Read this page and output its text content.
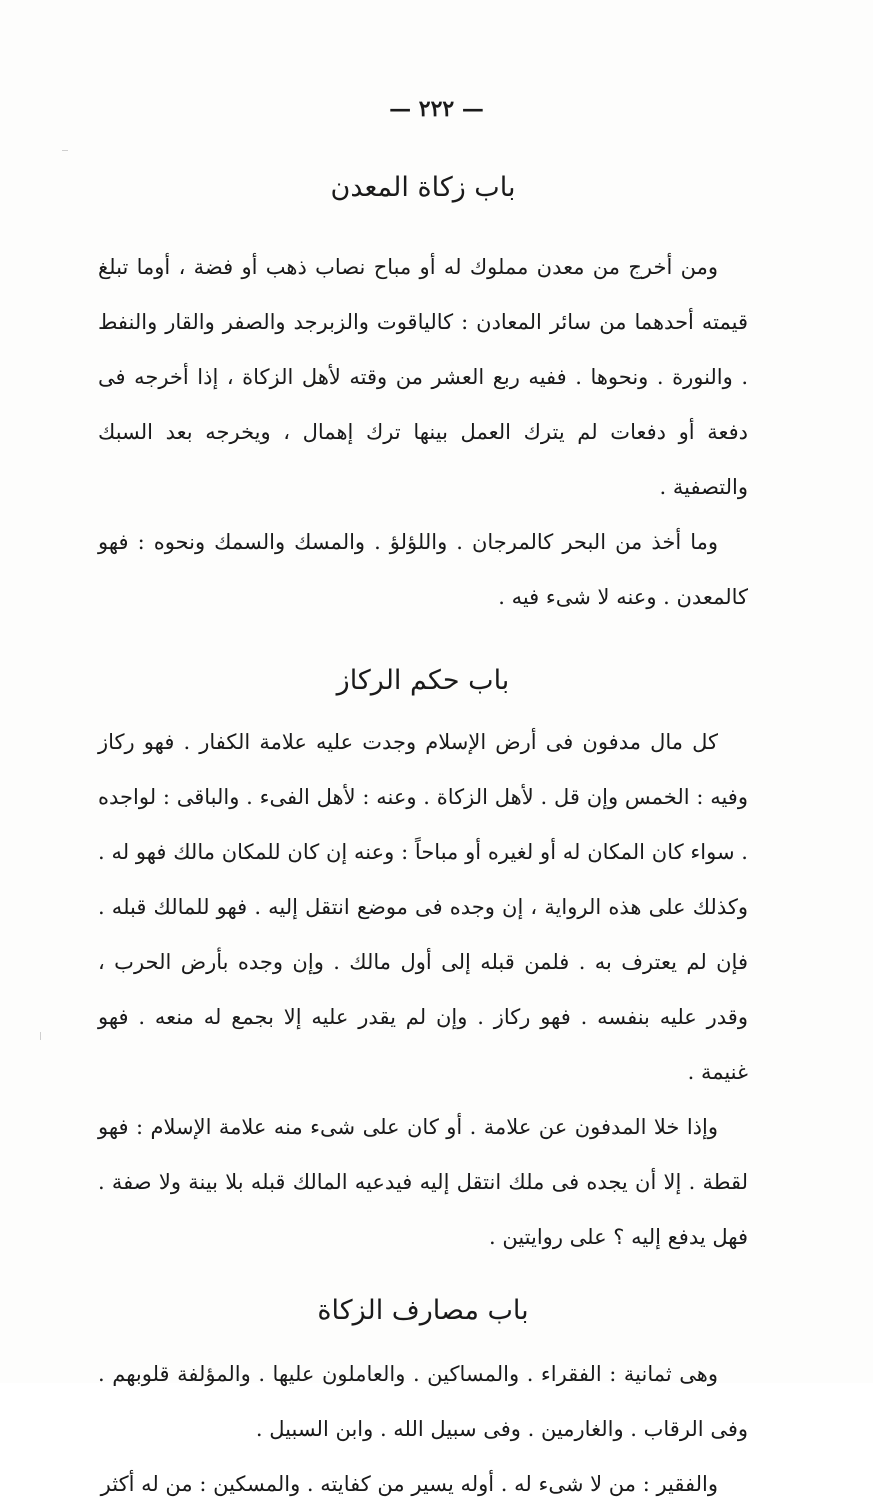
— ٢٢٢ —
باب زكاة المعدن

ومن أخرج من معدن مملوك له أو مباح نصاب ذهب أو فضة ، أوما تبلغ قيمته أحدهما من سائر المعادن : كالياقوت والزبرجد والصفر والقار والنفط . والنورة . ونحوها . ففيه ربع العشر من وقته لأهل الزكاة ، إذا أخرجه فى دفعة أو دفعات لم يترك العمل بينها ترك إهمال ، ويخرجه بعد السبك والتصفية .

وما أخذ من البحر كالمرجان . واللؤلؤ . والمسك والسمك ونحوه : فهو كالمعدن . وعنه لا شىء فيه .

باب حكم الركاز

كل مال مدفون فى أرض الإسلام وجدت عليه علامة الكفار . فهو ركاز وفيه : الخمس وإن قل . لأهل الزكاة . وعنه : لأهل الفىء . والباقى : لواجده . سواء كان المكان له أو لغيره أو مباحاً : وعنه إن كان للمكان مالك فهو له . وكذلك على هذه الرواية ، إن وجده فى موضع انتقل إليه . فهو للمالك قبله . فإن لم يعترف به . فلمن قبله إلى أول مالك . وإن وجده بأرض الحرب ، وقدر عليه بنفسه . فهو ركاز . وإن لم يقدر عليه إلا بجمع له منعه . فهو غنيمة .

وإذا خلا المدفون عن علامة . أو كان على شىء منه علامة الإسلام : فهو لقطة . إلا أن يجده فى ملك انتقل إليه فيدعيه المالك قبله بلا بينة ولا صفة . فهل يدفع إليه ؟ على روايتين .

باب مصارف الزكاة

وهى ثمانية : الفقراء . والمساكين . والعاملون عليها . والمؤلفة قلوبهم . وفى الرقاب . والغارمين . وفى سبيل الله . وابن السبيل .

والفقير : من لا شىء له . أوله يسير من كفايته . والمسكين : من له أكثر
